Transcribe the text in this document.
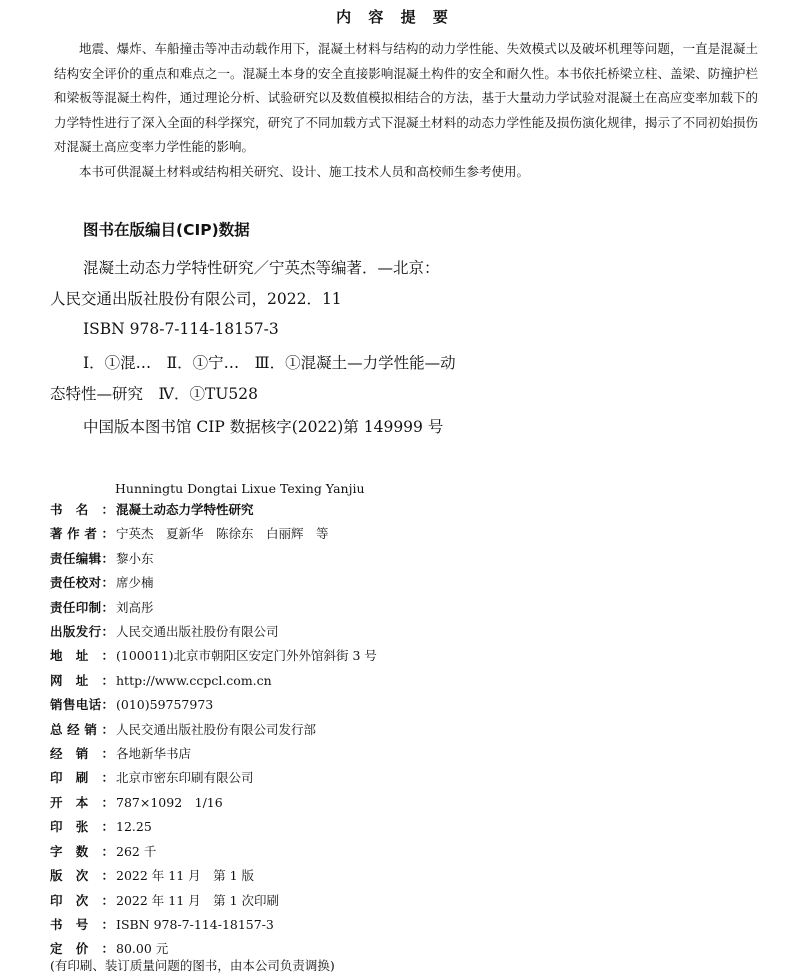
内 容 提 要

地震、爆炸、车船撞击等冲击动载作用下，混凝土材料与结构的动力学性能、失效模式以及破坏机理等问题，一直是混凝土结构安全评价的重点和难点之一。混凝土本身的安全直接影响混凝土构件的安全和耐久性。本书依托桥梁立柱、盖梁、防撞护栏和梁板等混凝土构件，通过理论分析、试验研究以及数值模拟相结合的方法，基于大量动力学试验对混凝土在高应变率加载下的力学特性进行了深入全面的科学探究，研究了不同加载方式下混凝土材料的动态力学性能及损伤演化规律，揭示了不同初始损伤对混凝土高应变率力学性能的影响。

本书可供混凝土材料或结构相关研究、设计、施工技术人员和高校师生参考使用。

图书在版编目(CIP)数据
混凝土动态力学特性研究／宁英杰等编著．—北京：
人民交通出版社股份有限公司，2022．11
ISBN 978-7-114-18157-3
Ⅰ．①混…　Ⅱ．①宁…　Ⅲ．①混凝土—力学性能—动
态特性—研究　Ⅳ．①TU528
中国版本图书馆 CIP 数据核字(2022)第 149999 号
Hunningtu Dongtai Lixue Texing Yanjiu
书 名 ： 混凝土动态力学特性研究
著 作 者 ： 宁英杰　夏新华　陈徐东　白丽辉　等
责 任 编 辑 ： 黎小东
责 任 校 对 ： 席少楠
责 任 印 制 ： 刘高彤
出 版 发 行 ： 人民交通出版社股份有限公司
地 址 ： (100011)北京市朝阳区安定门外外馆斜街 3 号
网 址 ： http://www.ccpcl.com.cn
销 售 电 话 ： (010)59757973
总 经 销 ： 人民交通出版社股份有限公司发行部
经 销 ： 各地新华书店
印 刷 ： 北京市密东印刷有限公司
开 本 ： 787×1092　1/16
印 张 ： 12.25
字 数 ： 262 千
版 次 ： 2022 年 11 月　第 1 版
印 次 ： 2022 年 11 月　第 1 次印刷
书 号 ： ISBN 978-7-114-18157-3
定 价 ： 80.00 元
(有印刷、装订质量问题的图书，由本公司负责调换)
